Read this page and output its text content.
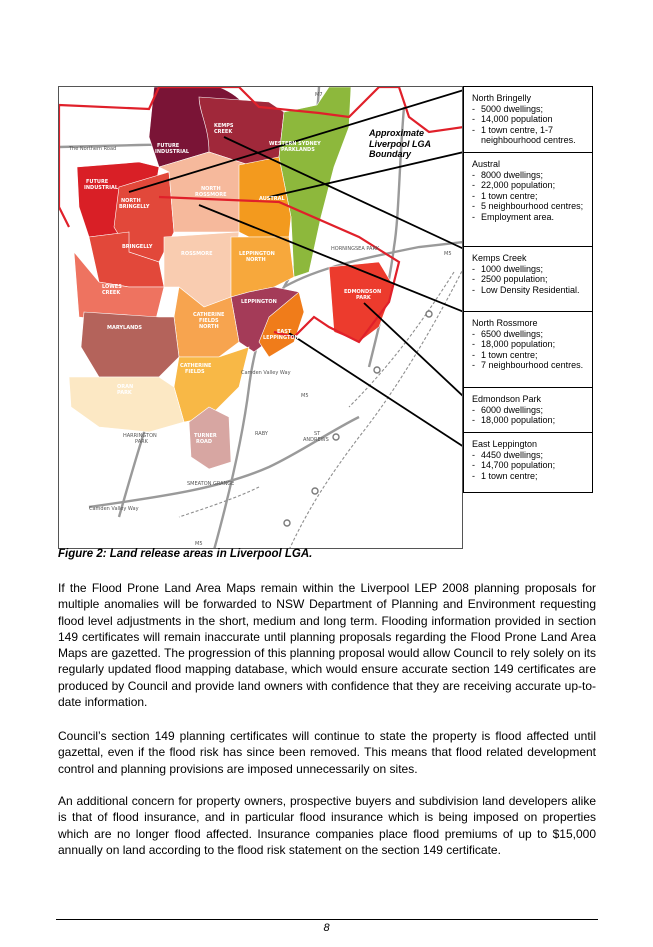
KEMPS CREEK
FUTURE INDUSTRIAL
FUTURE INDUSTRIAL
WESTERN SYDNEY PARKLANDS
NORTH BRINGELLY
NORTH ROSSMORE
AUSTRAL
BRINGELLY
ROSSMORE	LEPPINGTON NORTH
LOWES CREEK	EDMONDSON PARK
LEPPINGTON
CATHERINE FIELDS NORTH
MARYLANDS
EAST LEPPINGTON
CATHERINE FIELDS
ORAN PARK
TURNER ROAD
The Northern Road
M7
HORNINGSEA PARK
M5
Camden Valley Way
M5
RABY	ST ANDREWS
HARRINGTON PARK
SMEATON GRANGE
Camden Valley Way
M5
Approximate
Liverpool LGA
Boundary
North Bringelly
- 5000 dwellings;
- 14,000 population
- 1 town centre, 1-7 neighbourhood centres.
Austral
- 8000 dwellings;
- 22,000 population;
- 1 town centre;
- 5 neighbourhood centres;
- Employment area.
Kemps Creek
- 1000 dwellings;
- 2500 population;
- Low Density Residential.
North Rossmore
- 6500 dwellings;
- 18,000 population;
- 1 town centre;
- 7 neighbourhood centres.
Edmondson Park
- 6000 dwellings;
- 18,000 population;
East Leppington
- 4450 dwellings;
- 14,700 population;
- 1 town centre;
Figure 2: Land release areas in Liverpool LGA.

If the Flood Prone Land Area Maps remain within the Liverpool LEP 2008 planning proposals for multiple anomalies will be forwarded to NSW Department of Planning and Environment requesting flood level adjustments in the short, medium and long term. Flooding information provided in section 149 certificates will remain inaccurate until planning proposals regarding the Flood Prone Land Area Maps are gazetted. The progression of this planning proposal would allow Council to rely solely on its regularly updated flood mapping database, which would ensure accurate section 149 certificates are produced by Council and provide land owners with confidence that they are receiving accurate up-to-date information.

Council’s section 149 planning certificates will continue to state the property is flood affected until gazettal, even if the flood risk has since been removed. This means that flood related development control and planning provisions are imposed unnecessarily on sites.

An additional concern for property owners, prospective buyers and subdivision land developers alike is that of flood insurance, and in particular flood insurance which is being imposed on properties which are no longer flood affected. Insurance companies place flood premiums of up to $15,000 annually on land according to the flood risk statement on the section 149 certificate.

8
